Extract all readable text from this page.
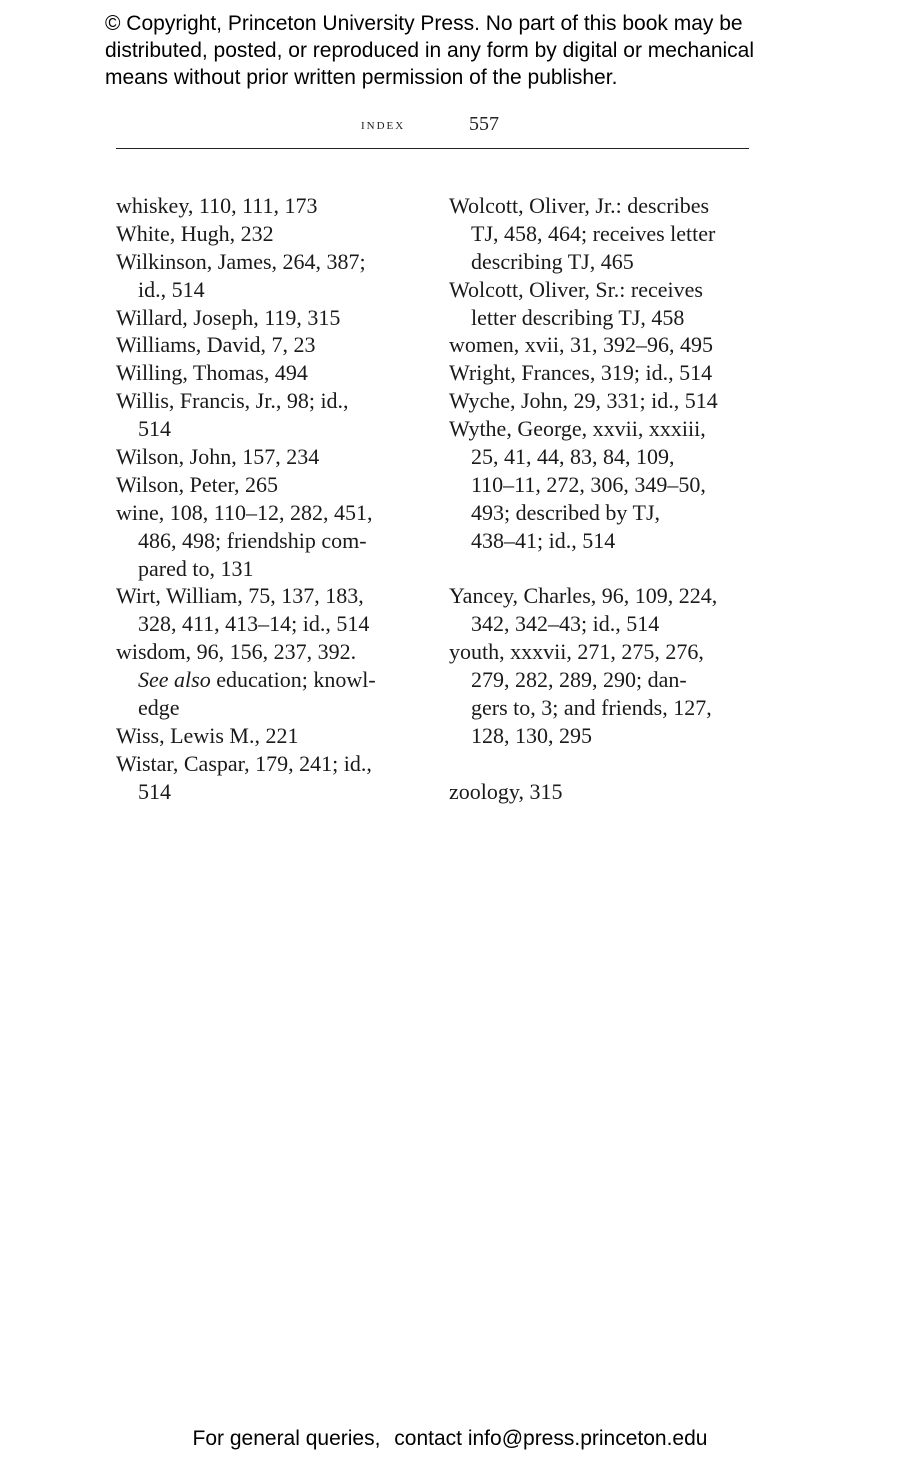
© Copyright, Princeton University Press. No part of this book may be
distributed, posted, or reproduced in any form by digital or mechanical
means without prior written permission of the publisher.
index	557
whiskey, 110, 111, 173
White, Hugh, 232
Wilkinson, James, 264, 387;
id., 514
Willard, Joseph, 119, 315
Williams, David, 7, 23
Willing, Thomas, 494
Willis, Francis, Jr., 98; id.,
514
Wilson, John, 157, 234
Wilson, Peter, 265
wine, 108, 110–12, 282, 451,
486, 498; friendship com-
pared to, 131
Wirt, William, 75, 137, 183,
328, 411, 413–14; id., 514
wisdom, 96, 156, 237, 392.
See also education; knowl-
edge
Wiss, Lewis M., 221
Wistar, Caspar, 179, 241; id.,
514
Wolcott, Oliver, Jr.: describes
TJ, 458, 464; receives letter
describing TJ, 465
Wolcott, Oliver, Sr.: receives
letter describing TJ, 458
women, xvii, 31, 392–96, 495
Wright, Frances, 319; id., 514
Wyche, John, 29, 331; id., 514
Wythe, George, xxvii, xxxiii,
25, 41, 44, 83, 84, 109,
110–11, 272, 306, 349–50,
493; described by TJ,
438–41; id., 514
Yancey, Charles, 96, 109, 224,
342, 342–43; id., 514
youth, xxxvii, 271, 275, 276,
279, 282, 289, 290; dan-
gers to, 3; and friends, 127,
128, 130, 295
zoology, 315
For general queries, contact info@press.princeton.edu
